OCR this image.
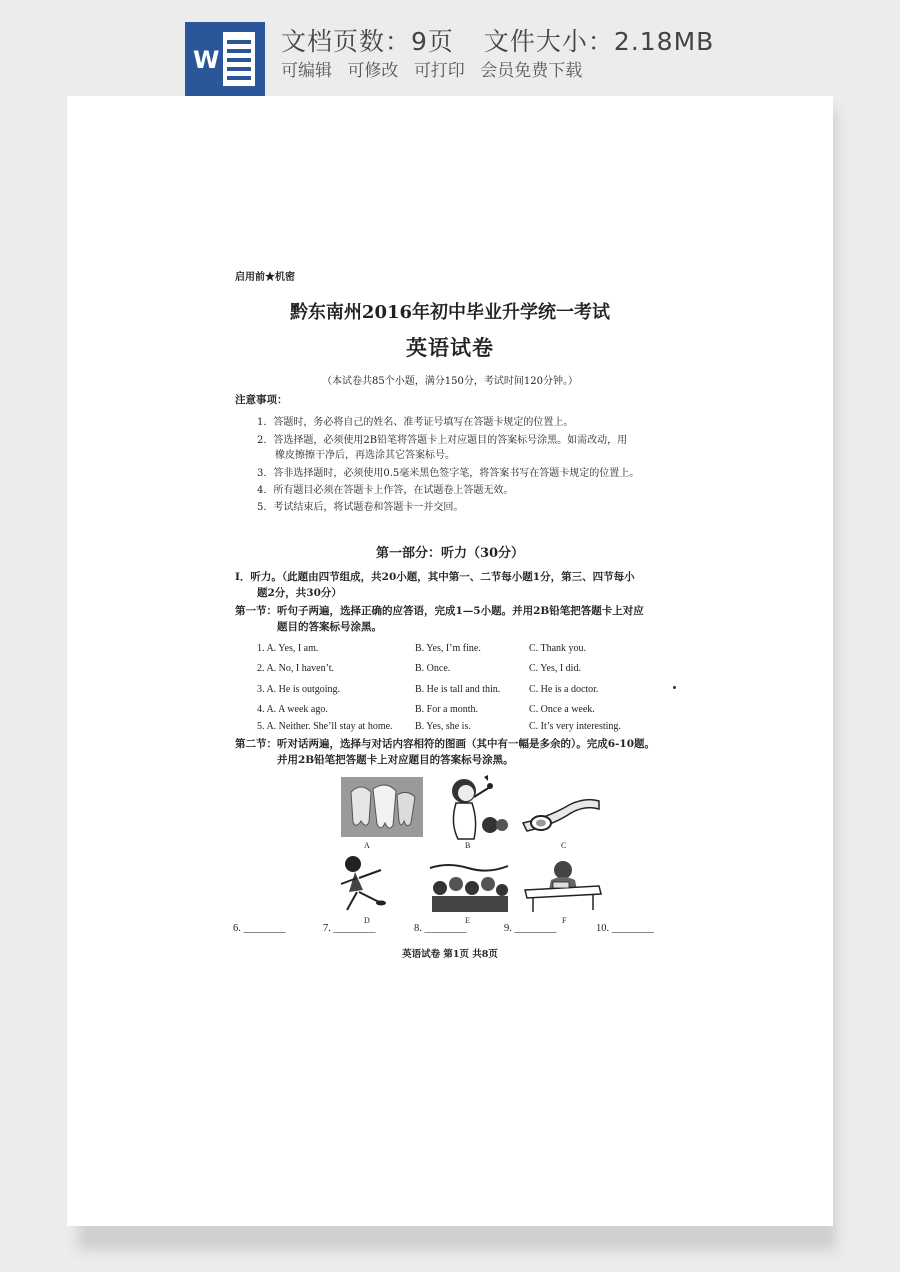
W
文档页数：9页 文件大小：2.18MB
可编辑 可修改 可打印 会员免费下载
启用前★机密
黔东南州2016年初中毕业升学统一考试
英语试卷
（本试卷共85个小题，满分150分，考试时间120分钟。）
注意事项：
1．答题时，务必将自己的姓名、准考证号填写在答题卡规定的位置上。
2．答选择题，必须使用2B铅笔将答题卡上对应题目的答案标号涂黑。如需改动，用
橡皮擦擦干净后，再选涂其它答案标号。
3．答非选择题时，必须使用0.5毫米黑色签字笔，将答案书写在答题卡规定的位置上。
4．所有题目必须在答题卡上作答，在试题卷上答题无效。
5．考试结束后，将试题卷和答题卡一并交回。
第一部分：听力（30分）
Ⅰ．听力。（此题由四节组成，共20小题，其中第一、二节每小题1分，第三、四节每小
题2分，共30分）
第一节：听句子两遍，选择正确的应答语，完成1—5小题。并用2B铅笔把答题卡上对应
题目的答案标号涂黑。
1. A. Yes, I am.	B. Yes, I’m fine.	C. Thank you.
2. A. No, I haven’t.	B. Once.	C. Yes, I did.
3. A. He is outgoing.	B. He is tall and thin.	C. He is a doctor.
4. A. A week ago.	B. For a month.	C. Once a week.
5. A. Neither. She’ll stay at home. B. Yes, she is.	C. It’s very interesting.
第二节：听对话两遍，选择与对话内容相符的图画（其中有一幅是多余的）。完成6-10题。
并用2B铅笔把答题卡上对应题目的答案标号涂黑。
A	B	C
D	E	F
6. ________	7. ________	8. ________	9. ________	10. ________
英语试卷 第1页 共8页
